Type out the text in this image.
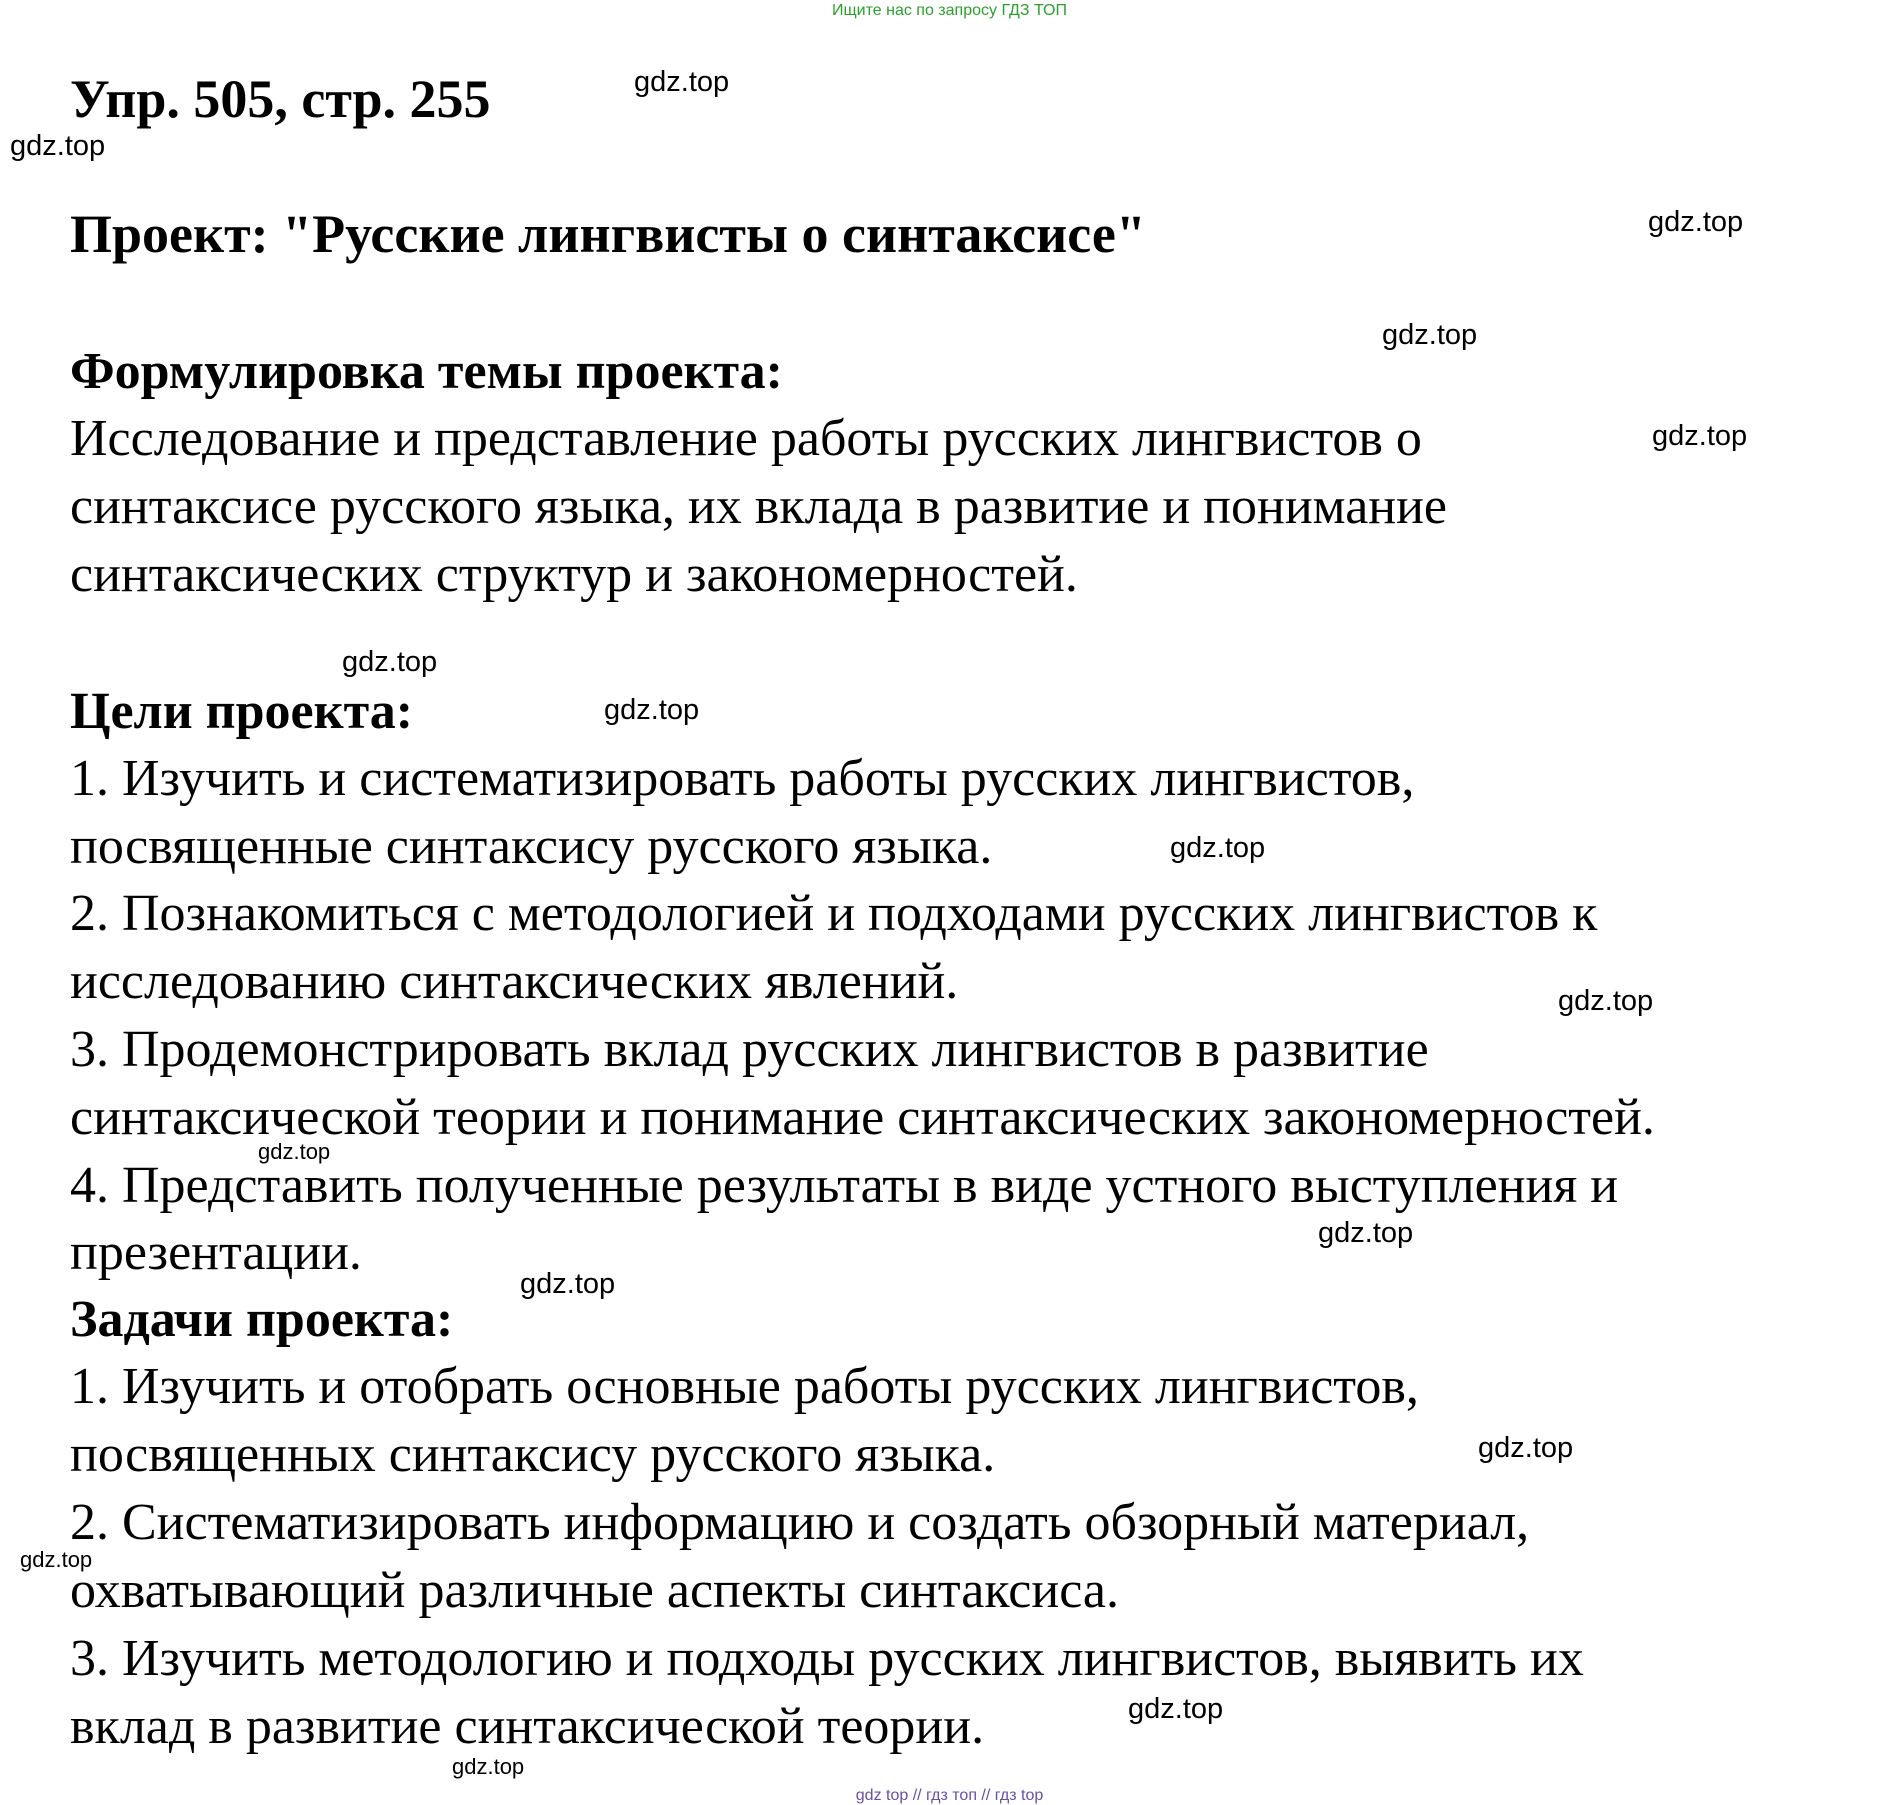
Ищите нас по запросу ГДЗ ТОП
Упр. 505, стр. 255
Проект: "Русские лингвисты о синтаксисе"
Формулировка темы проекта:
Исследование и представление работы русских лингвистов о
синтаксисе русского языка, их вклада в развитие и понимание
синтаксических структур и закономерностей.
Цели проекта:
1. Изучить и систематизировать работы русских лингвистов,
посвященные синтаксису русского языка.
2. Познакомиться с методологией и подходами русских лингвистов к
исследованию синтаксических явлений.
3. Продемонстрировать вклад русских лингвистов в развитие
синтаксической теории и понимание синтаксических закономерностей.
4. Представить полученные результаты в виде устного выступления и
презентации.
Задачи проекта:
1. Изучить и отобрать основные работы русских лингвистов,
посвященных синтаксису русского языка.
2. Систематизировать информацию и создать обзорный материал,
охватывающий различные аспекты синтаксиса.
3. Изучить методологию и подходы русских лингвистов, выявить их
вклад в развитие синтаксической теории.
gdz.top
gdz.top
gdz.top
gdz.top
gdz.top
gdz.top
gdz.top
gdz.top
gdz.top
gdz.top
gdz.top
gdz.top
gdz.top
gdz.top
gdz.top
gdz.top
gdz top // гдз топ // гдз top
